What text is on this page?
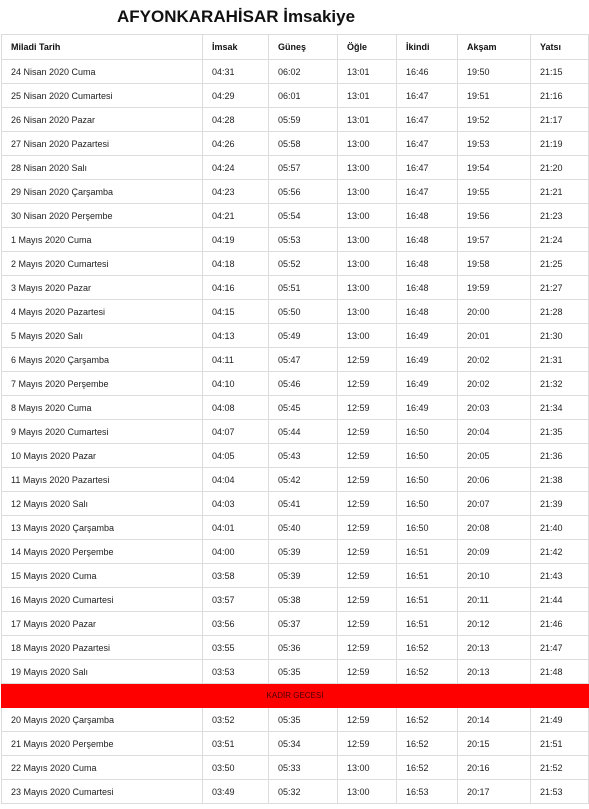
AFYONKARAHİSAR İmsakiye
Miladi Tarih	İmsak	Güneş	Öğle	İkindi	Akşam	Yatsı
24 Nisan 2020 Cuma	04:31	06:02	13:01	16:46	19:50	21:15
25 Nisan 2020 Cumartesi	04:29	06:01	13:01	16:47	19:51	21:16
26 Nisan 2020 Pazar	04:28	05:59	13:01	16:47	19:52	21:17
27 Nisan 2020 Pazartesi	04:26	05:58	13:00	16:47	19:53	21:19
28 Nisan 2020 Salı	04:24	05:57	13:00	16:47	19:54	21:20
29 Nisan 2020 Çarşamba	04:23	05:56	13:00	16:47	19:55	21:21
30 Nisan 2020 Perşembe	04:21	05:54	13:00	16:48	19:56	21:23
1 Mayıs 2020 Cuma	04:19	05:53	13:00	16:48	19:57	21:24
2 Mayıs 2020 Cumartesi	04:18	05:52	13:00	16:48	19:58	21:25
3 Mayıs 2020 Pazar	04:16	05:51	13:00	16:48	19:59	21:27
4 Mayıs 2020 Pazartesi	04:15	05:50	13:00	16:48	20:00	21:28
5 Mayıs 2020 Salı	04:13	05:49	13:00	16:49	20:01	21:30
6 Mayıs 2020 Çarşamba	04:11	05:47	12:59	16:49	20:02	21:31
7 Mayıs 2020 Perşembe	04:10	05:46	12:59	16:49	20:02	21:32
8 Mayıs 2020 Cuma	04:08	05:45	12:59	16:49	20:03	21:34
9 Mayıs 2020 Cumartesi	04:07	05:44	12:59	16:50	20:04	21:35
10 Mayıs 2020 Pazar	04:05	05:43	12:59	16:50	20:05	21:36
11 Mayıs 2020 Pazartesi	04:04	05:42	12:59	16:50	20:06	21:38
12 Mayıs 2020 Salı	04:03	05:41	12:59	16:50	20:07	21:39
13 Mayıs 2020 Çarşamba	04:01	05:40	12:59	16:50	20:08	21:40
14 Mayıs 2020 Perşembe	04:00	05:39	12:59	16:51	20:09	21:42
15 Mayıs 2020 Cuma	03:58	05:39	12:59	16:51	20:10	21:43
16 Mayıs 2020 Cumartesi	03:57	05:38	12:59	16:51	20:11	21:44
17 Mayıs 2020 Pazar	03:56	05:37	12:59	16:51	20:12	21:46
18 Mayıs 2020 Pazartesi	03:55	05:36	12:59	16:52	20:13	21:47
19 Mayıs 2020 Salı	03:53	05:35	12:59	16:52	20:13	21:48
KADİR GECESİ						
20 Mayıs 2020 Çarşamba	03:52	05:35	12:59	16:52	20:14	21:49
21 Mayıs 2020 Perşembe	03:51	05:34	12:59	16:52	20:15	21:51
22 Mayıs 2020 Cuma	03:50	05:33	13:00	16:52	20:16	21:52
23 Mayıs 2020 Cumartesi	03:49	05:32	13:00	16:53	20:17	21:53
